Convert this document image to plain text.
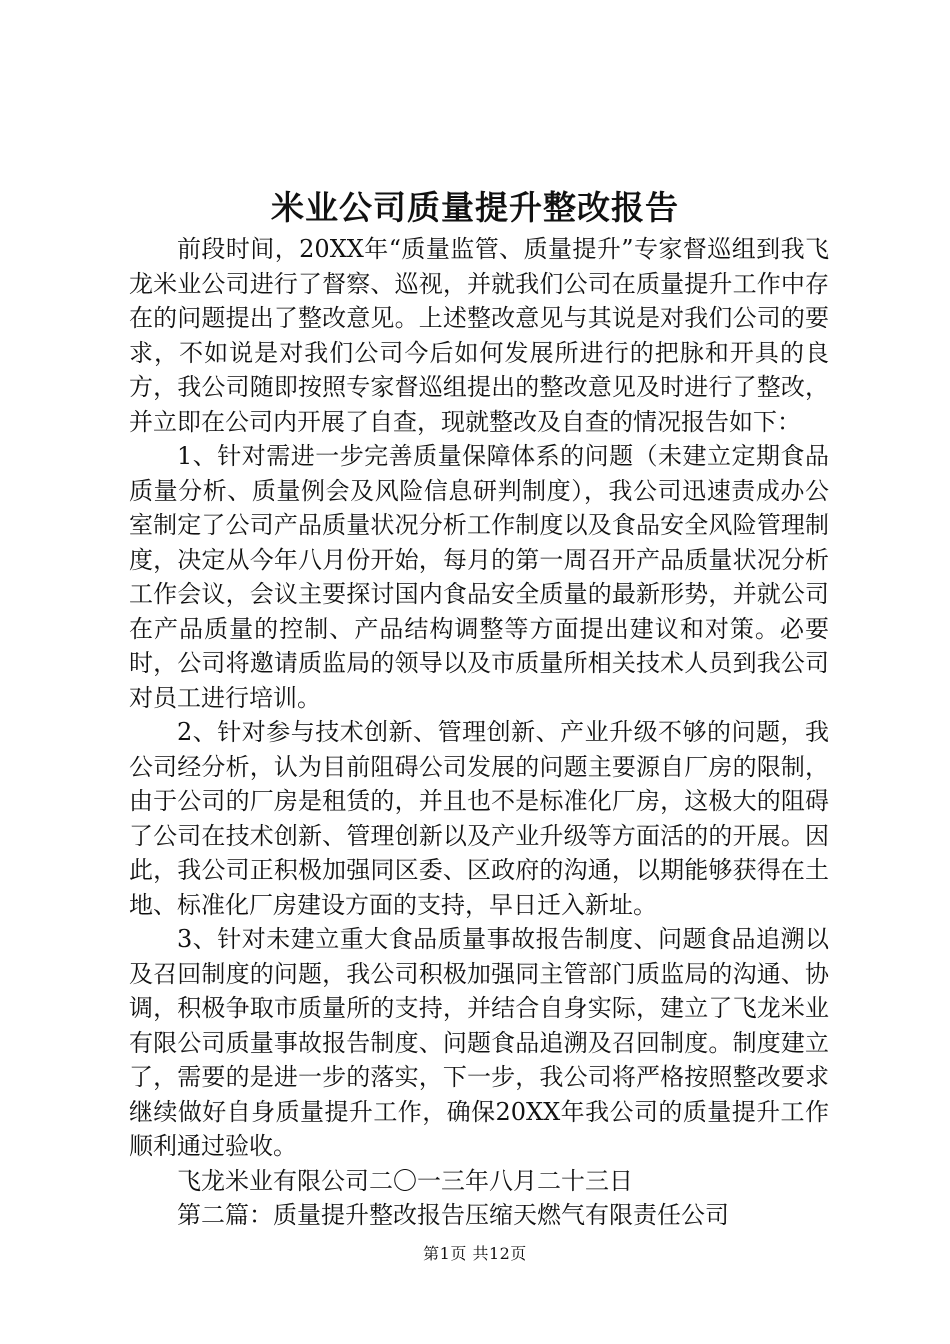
米业公司质量提升整改报告

前段时间，20XX年“质量监管、质量提升”专家督巡组到我飞龙米业公司进行了督察、巡视，并就我们公司在质量提升工作中存在的问题提出了整改意见。上述整改意见与其说是对我们公司的要求，不如说是对我们公司今后如何发展所进行的把脉和开具的良方，我公司随即按照专家督巡组提出的整改意见及时进行了整改，并立即在公司内开展了自查，现就整改及自查的情况报告如下：

1、针对需进一步完善质量保障体系的问题（未建立定期食品质量分析、质量例会及风险信息研判制度），我公司迅速责成办公室制定了公司产品质量状况分析工作制度以及食品安全风险管理制度，决定从今年八月份开始，每月的第一周召开产品质量状况分析工作会议，会议主要探讨国内食品安全质量的最新形势，并就公司在产品质量的控制、产品结构调整等方面提出建议和对策。必要时，公司将邀请质监局的领导以及市质量所相关技术人员到我公司对员工进行培训。

2、针对参与技术创新、管理创新、产业升级不够的问题，我公司经分析，认为目前阻碍公司发展的问题主要源自厂房的限制，由于公司的厂房是租赁的，并且也不是标准化厂房，这极大的阻碍了公司在技术创新、管理创新以及产业升级等方面活的的开展。因此，我公司正积极加强同区委、区政府的沟通，以期能够获得在土地、标准化厂房建设方面的支持，早日迁入新址。

3、针对未建立重大食品质量事故报告制度、问题食品追溯以及召回制度的问题，我公司积极加强同主管部门质监局的沟通、协调，积极争取市质量所的支持，并结合自身实际，建立了飞龙米业有限公司质量事故报告制度、问题食品追溯及召回制度。制度建立了，需要的是进一步的落实，下一步，我公司将严格按照整改要求继续做好自身质量提升工作，确保20XX年我公司的质量提升工作顺利通过验收。

飞龙米业有限公司二〇一三年八月二十三日

第二篇：质量提升整改报告压缩天燃气有限责任公司

第1页 共12页
